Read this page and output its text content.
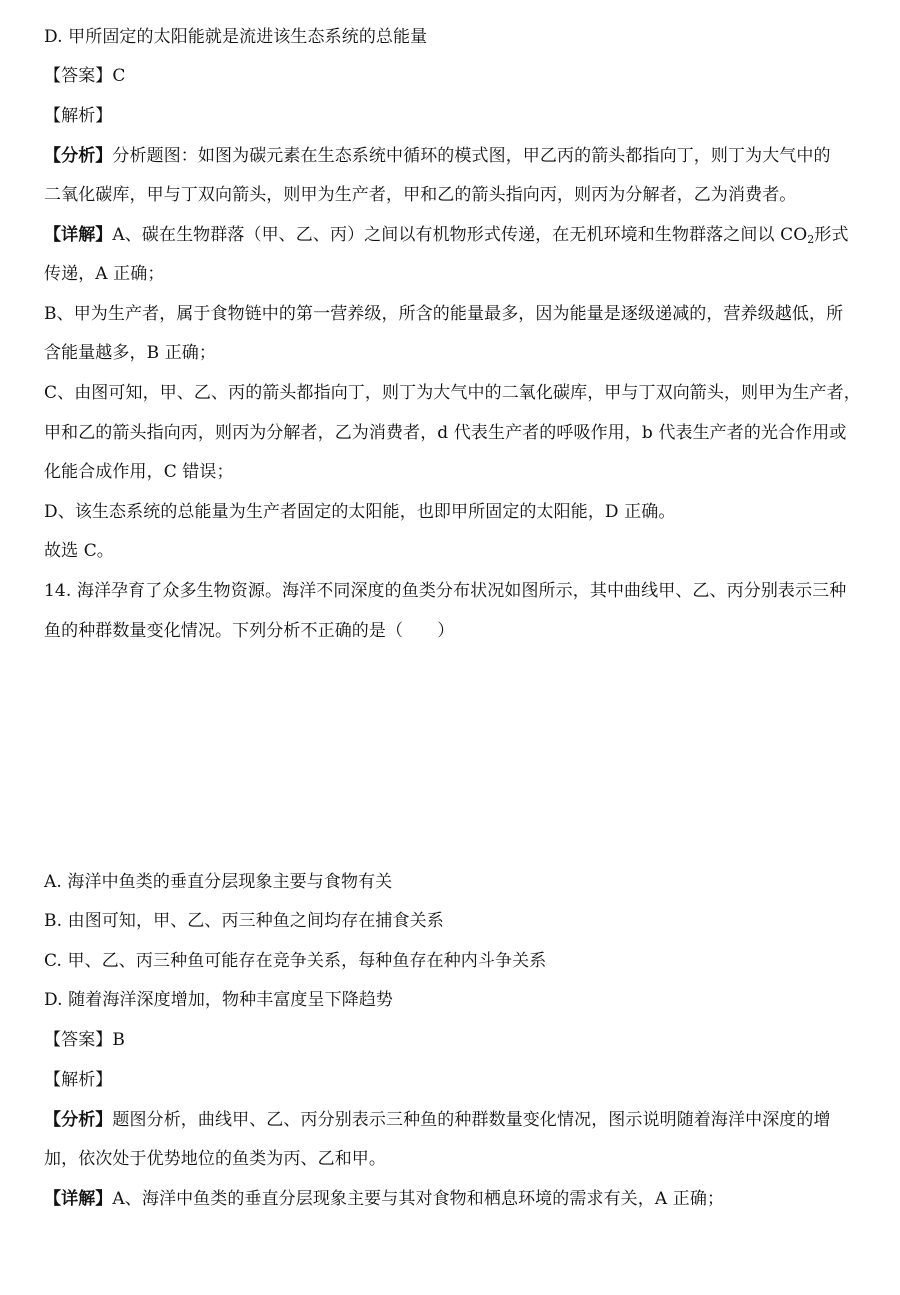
D. 甲所固定的太阳能就是流进该生态系统的总能量
【答案】C
【解析】
【分析】分析题图：如图为碳元素在生态系统中循环的模式图，甲乙丙的箭头都指向丁，则丁为大气中的
二氧化碳库，甲与丁双向箭头，则甲为生产者，甲和乙的箭头指向丙，则丙为分解者，乙为消费者。
【详解】A、碳在生物群落（甲、乙、丙）之间以有机物形式传递，在无机环境和生物群落之间以 $CO_2$形式
传递，A 正确；
B、甲为生产者，属于食物链中的第一营养级，所含的能量最多，因为能量是逐级递减的，营养级越低，所
含能量越多，B 正确；
C、由图可知，甲、乙、丙的箭头都指向丁，则丁为大气中的二氧化碳库，甲与丁双向箭头，则甲为生产者，
甲和乙的箭头指向丙，则丙为分解者，乙为消费者，d 代表生产者的呼吸作用，b 代表生产者的光合作用或
化能合成作用，C 错误；
D、该生态系统的总能量为生产者固定的太阳能，也即甲所固定的太阳能，D 正确。
故选 C。
14. 海洋孕育了众多生物资源。海洋不同深度的鱼类分布状况如图所示，其中曲线甲、乙、丙分别表示三种
鱼的种群数量变化情况。下列分析不正确的是（　　）
A. 海洋中鱼类的垂直分层现象主要与食物有关
B. 由图可知，甲、乙、丙三种鱼之间均存在捕食关系
C. 甲、乙、丙三种鱼可能存在竞争关系，每种鱼存在种内斗争关系
D. 随着海洋深度增加，物种丰富度呈下降趋势
【答案】B
【解析】
【分析】题图分析，曲线甲、乙、丙分别表示三种鱼的种群数量变化情况，图示说明随着海洋中深度的增
加，依次处于优势地位的鱼类为丙、乙和甲。
【详解】A、海洋中鱼类的垂直分层现象主要与其对食物和栖息环境的需求有关，A 正确；
